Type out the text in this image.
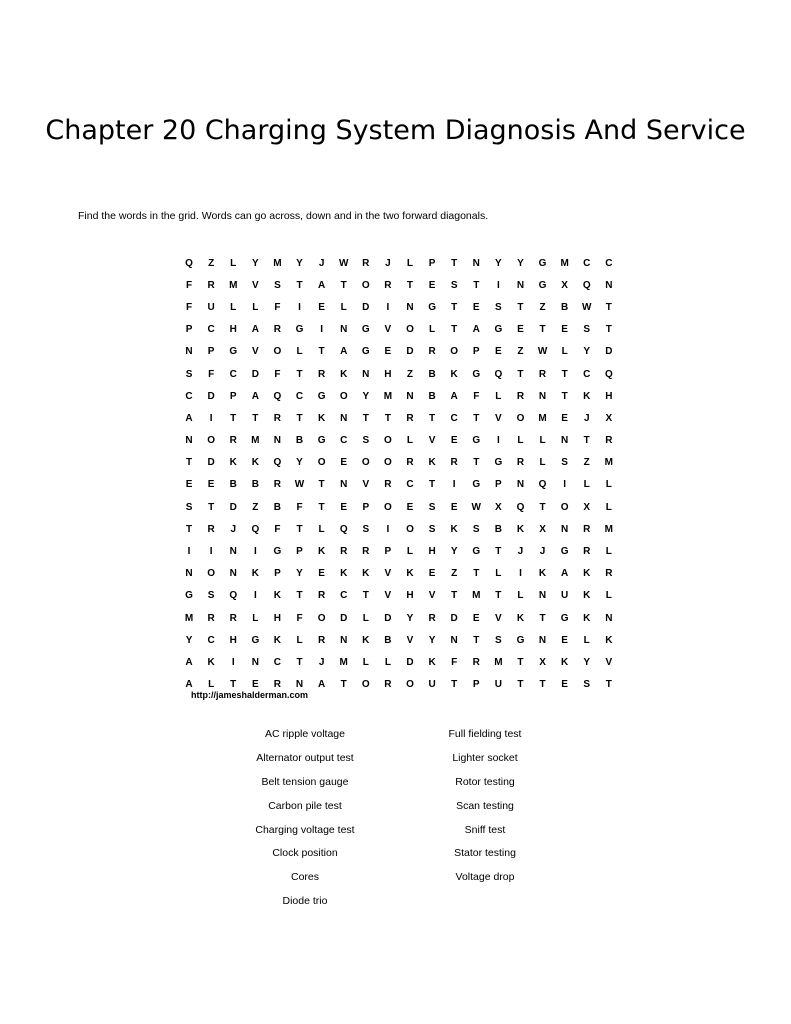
Chapter 20 Charging System Diagnosis And Service

Find the words in the grid. Words can go across, down and in the two forward diagonals.

Q	Z	L	Y	M	Y	J	W	R	J	L	P	T	N	Y	Y	G	M	C	C
F	R	M	V	S	T	A	T	O	R	T	E	S	T	I	N	G	X	Q	N
F	U	L	L	F	I	E	L	D	I	N	G	T	E	S	T	Z	B	W	T
P	C	H	A	R	G	I	N	G	V	O	L	T	A	G	E	T	E	S	T
N	P	G	V	O	L	T	A	G	E	D	R	O	P	E	Z	W	L	Y	D
S	F	C	D	F	T	R	K	N	H	Z	B	K	G	Q	T	R	T	C	Q
C	D	P	A	Q	C	G	O	Y	M	N	B	A	F	L	R	N	T	K	H
A	I	T	T	R	T	K	N	T	T	R	T	C	T	V	O	M	E	J	X
N	O	R	M	N	B	G	C	S	O	L	V	E	G	I	L	L	N	T	R
T	D	K	K	Q	Y	O	E	O	O	R	K	R	T	G	R	L	S	Z	M
E	E	B	B	R	W	T	N	V	R	C	T	I	G	P	N	Q	I	L	L
S	T	D	Z	B	F	T	E	P	O	E	S	E	W	X	Q	T	O	X	L
T	R	J	Q	F	T	L	Q	S	I	O	S	K	S	B	K	X	N	R	M
I	I	N	I	G	P	K	R	R	P	L	H	Y	G	T	J	J	G	R	L
N	O	N	K	P	Y	E	K	K	V	K	E	Z	T	L	I	K	A	K	R
G	S	Q	I	K	T	R	C	T	V	H	V	T	M	T	L	N	U	K	L
M	R	R	L	H	F	O	D	L	D	Y	R	D	E	V	K	T	G	K	N
Y	C	H	G	K	L	R	N	K	B	V	Y	N	T	S	G	N	E	L	K
A	K	I	N	C	T	J	M	L	L	D	K	F	R	M	T	X	K	Y	V
A	L	T	E	R	N	A	T	O	R	O	U	T	P	U	T	T	E	S	T

http://jameshalderman.com

AC ripple voltage
Alternator output test
Belt tension gauge
Carbon pile test
Charging voltage test
Clock position
Cores
Diode trio
Full fielding test
Lighter socket
Rotor testing
Scan testing
Sniff test
Stator testing
Voltage drop
